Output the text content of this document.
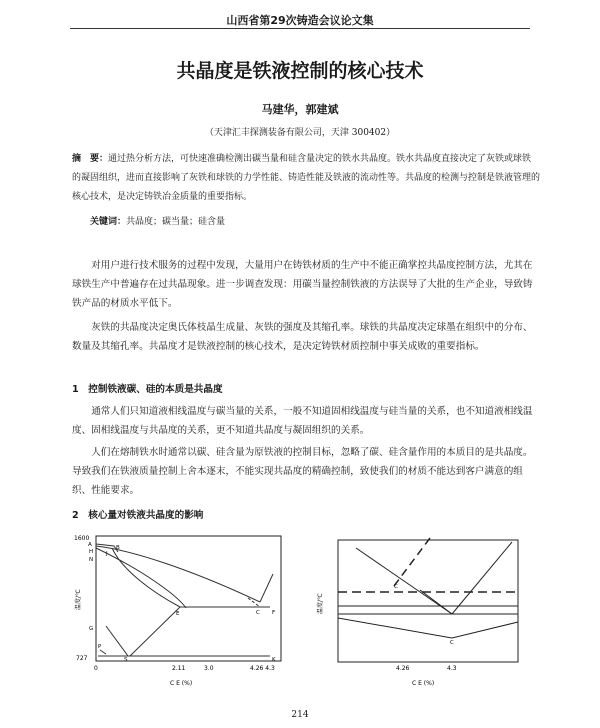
山西省第29次铸造会议论文集
共晶度是铁液控制的核心技术
马建华，郭建斌
（天津汇丰探测装备有限公司，天津 300402）

摘　要：通过热分析方法，可快速准确检测出碳当量和硅含量决定的铁水共晶度。铁水共晶度直接决定了灰铁或球铁的凝固组织，进而直接影响了灰铁和球铁的力学性能、铸造性能及铁液的流动性等。共晶度的检测与控制是铁液管理的核心技术，是决定铸铁冶金质量的重要指标。

关键词：共晶度；碳当量；硅含量

对用户进行技术服务的过程中发现，大量用户在铸铁材质的生产中不能正确掌控共晶度控制方法，尤其在球铁生产中普遍存在过共晶现象。进一步调查发现：用碳当量控制铁液的方法误导了大批的生产企业，导致铸铁产品的材质水平低下。

灰铁的共晶度决定奥氏体枝晶生成量、灰铁的强度及其缩孔率。球铁的共晶度决定球墨在组织中的分布、数量及其缩孔率。共晶度才是铁液控制的核心技术，是决定铸铁材质控制中事关成败的重要指标。

1　控制铁液碳、硅的本质是共晶度

通常人们只知道液相线温度与碳当量的关系，一般不知道固相线温度与硅当量的关系，也不知道液相线温度、固相线温度与共晶度的关系，更不知道共晶度与凝固组织的关系。

人们在熔制铁水时通常以碳、硅含量为原铁液的控制目标，忽略了碳、硅含量作用的本质目的是共晶度。导致我们在铁液质量控制上舍本逐末，不能实现共晶度的精确控制，致使我们的材质不能达到客户满意的组织、性能要求。

2　核心量对铁液共晶度的影响

1600
727
温度/℃
0	2.11	3.0	4.26 4.3
C E (%)
A
H
N
B
J
E	C F
G
P
S	K
C
C
温度/℃
4.26	4.3
C E (%)
214
